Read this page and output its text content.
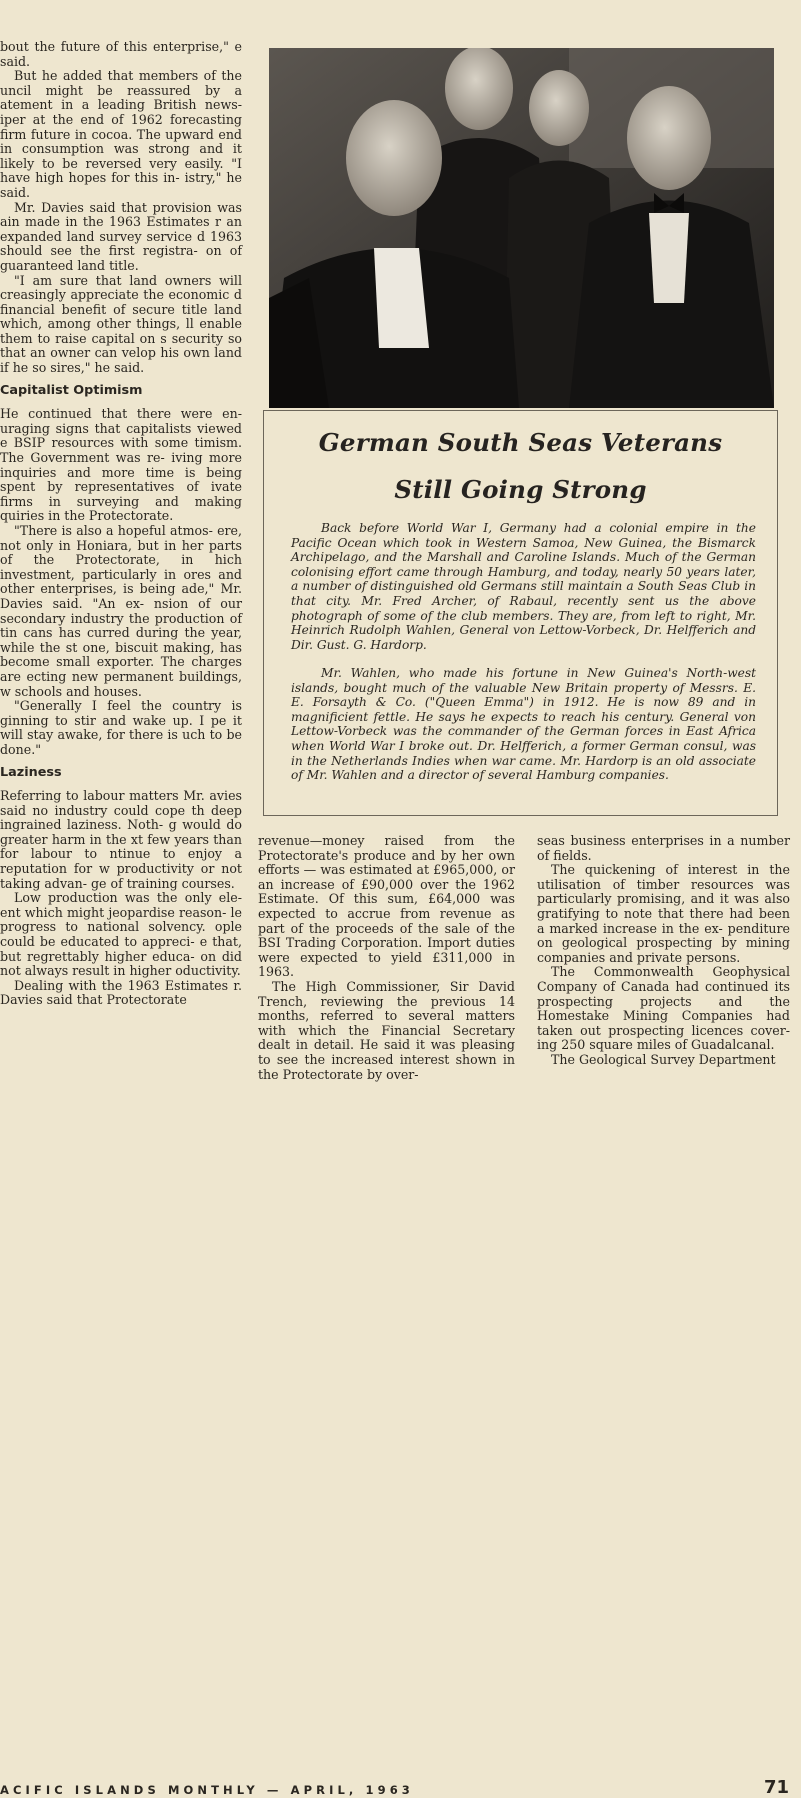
bout the future of this enterprise," e said.

But he added that members of the uncil might be reassured by a atement in a leading British news- iper at the end of 1962 forecasting firm future in cocoa. The upward end in consumption was strong and it likely to be reversed very easily. "I have high hopes for this in- istry," he said.

Mr. Davies said that provision was ain made in the 1963 Estimates r an expanded land survey service d 1963 should see the first registra- on of guaranteed land title.

"I am sure that land owners will creasingly appreciate the economic d financial benefit of secure title land which, among other things, ll enable them to raise capital on s security so that an owner can velop his own land if he so sires," he said.

Capitalist Optimism

He continued that there were en- uraging signs that capitalists viewed e BSIP resources with some timism. The Government was re- iving more inquiries and more time is being spent by representatives of ivate firms in surveying and making quiries in the Protectorate.

"There is also a hopeful atmos- ere, not only in Honiara, but in her parts of the Protectorate, in hich investment, particularly in ores and other enterprises, is being ade," Mr. Davies said. "An ex- nsion of our secondary industry the production of tin cans has curred during the year, while the st one, biscuit making, has become small exporter. The charges are ecting new permanent buildings, w schools and houses.

"Generally I feel the country is ginning to stir and wake up. I pe it will stay awake, for there is uch to be done."

Laziness

Referring to labour matters Mr. avies said no industry could cope th deep ingrained laziness. Noth- g would do greater harm in the xt few years than for labour to ntinue to enjoy a reputation for w productivity or not taking advan- ge of training courses.

Low production was the only ele- ent which might jeopardise reason- le progress to national solvency. ople could be educated to appreci- e that, but regrettably higher educa- on did not always result in higher oductivity.

Dealing with the 1963 Estimates r. Davies said that Protectorate

German South Seas Veterans
Still Going Strong

Back before World War I, Germany had a colonial empire in the Pacific Ocean which took in Western Samoa, New Guinea, the Bismarck Archipelago, and the Marshall and Caroline Islands. Much of the German colonising effort came through Hamburg, and today, nearly 50 years later, a number of distinguished old Germans still maintain a South Seas Club in that city. Mr. Fred Archer, of Rabaul, recently sent us the above photograph of some of the club members. They are, from left to right, Mr. Heinrich Rudolph Wahlen, General von Lettow-Vorbeck, Dr. Helfferich and Dir. Gust. G. Hardorp.

Mr. Wahlen, who made his fortune in New Guinea's North-west islands, bought much of the valuable New Britain property of Messrs. E. E. Forsayth & Co. ("Queen Emma") in 1912. He is now 89 and in magnificient fettle. He says he expects to reach his century. General von Lettow-Vorbeck was the commander of the German forces in East Africa when World War I broke out. Dr. Helfferich, a former German consul, was in the Netherlands Indies when war came. Mr. Hardorp is an old associate of Mr. Wahlen and a director of several Hamburg companies.

revenue—money raised from the Protectorate's produce and by her own efforts — was estimated at £965,000, or an increase of £90,000 over the 1962 Estimate. Of this sum, £64,000 was expected to accrue from revenue as part of the proceeds of the sale of the BSI Trading Corporation. Import duties were expected to yield £311,000 in 1963.

The High Commissioner, Sir David Trench, reviewing the previous 14 months, referred to several matters with which the Financial Secretary dealt in detail. He said it was pleasing to see the increased interest shown in the Protectorate by over-

seas business enterprises in a number of fields.

The quickening of interest in the utilisation of timber resources was particularly promising, and it was also gratifying to note that there had been a marked increase in the ex- penditure on geological prospecting by mining companies and private persons.

The Commonwealth Geophysical Company of Canada had continued its prospecting projects and the Homestake Mining Companies had taken out prospecting licences cover- ing 250 square miles of Guadalcanal.

The Geological Survey Department

ACIFIC ISLANDS MONTHLY — APRIL, 1963	71
